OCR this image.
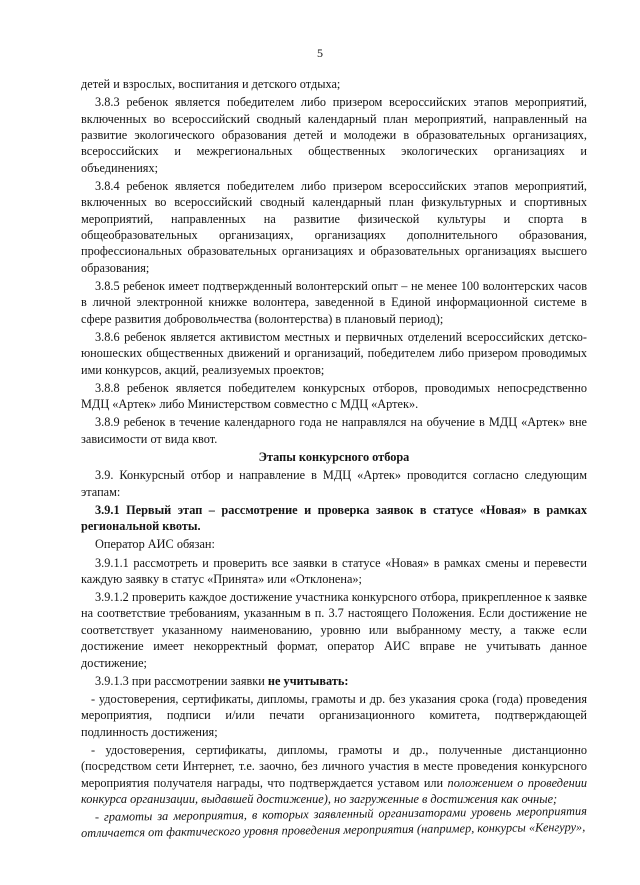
5

детей и взрослых, воспитания и детского отдыха;

3.8.3 ребенок является победителем либо призером всероссийских этапов мероприятий, включенных во всероссийский сводный календарный план мероприятий, направленный на развитие экологического образования детей и молодежи в образовательных организациях, всероссийских и межрегиональных общественных экологических организациях и объединениях;

3.8.4 ребенок является победителем либо призером всероссийских этапов мероприятий, включенных во всероссийский сводный календарный план физкультурных и спортивных мероприятий, направленных на развитие физической культуры и спорта в общеобразовательных организациях, организациях дополнительного образования, профессиональных образовательных организациях и образовательных организациях высшего образования;

3.8.5 ребенок имеет подтвержденный волонтерский опыт – не менее 100 волонтерских часов в личной электронной книжке волонтера, заведенной в Единой информационной системе в сфере развития добровольчества (волонтерства) в плановый период);

3.8.6 ребенок является активистом местных и первичных отделений всероссийских детско-юношеских общественных движений и организаций, победителем либо призером проводимых ими конкурсов, акций, реализуемых проектов;

3.8.8 ребенок является победителем конкурсных отборов, проводимых непосредственно МДЦ «Артек» либо Министерством совместно с МДЦ «Артек».

3.8.9 ребенок в течение календарного года не направлялся на обучение в МДЦ «Артек» вне зависимости от вида квот.

Этапы конкурсного отбора

3.9. Конкурсный отбор и направление в МДЦ «Артек» проводится согласно следующим этапам:

3.9.1 Первый этап – рассмотрение и проверка заявок в статусе «Новая» в рамках региональной квоты.

Оператор АИС обязан:

3.9.1.1 рассмотреть и проверить все заявки в статусе «Новая» в рамках смены и перевести каждую заявку в статус «Принята» или «Отклонена»;

3.9.1.2 проверить каждое достижение участника конкурсного отбора, прикрепленное к заявке на соответствие требованиям, указанным в п. 3.7 настоящего Положения. Если достижение не соответствует указанному наименованию, уровню или выбранному месту, а также если достижение имеет некорректный формат, оператор АИС вправе не учитывать данное достижение;

3.9.1.3 при рассмотрении заявки не учитывать:

- удостоверения, сертификаты, дипломы, грамоты и др. без указания срока (года) проведения мероприятия, подписи и/или печати организационного комитета, подтверждающей подлинность достижения;

- удостоверения, сертификаты, дипломы, грамоты и др., полученные дистанционно (посредством сети Интернет, т.е. заочно, без личного участия в месте проведения конкурсного мероприятия получателя награды, что подтверждается уставом или положением о проведении конкурса организации, выдавшей достижение), но загруженные в достижения как очные;

- грамоты за мероприятия, в которых заявленный организаторами уровень мероприятия отличается от фактического уровня проведения мероприятия (например, конкурсы «Кенгуру»,
